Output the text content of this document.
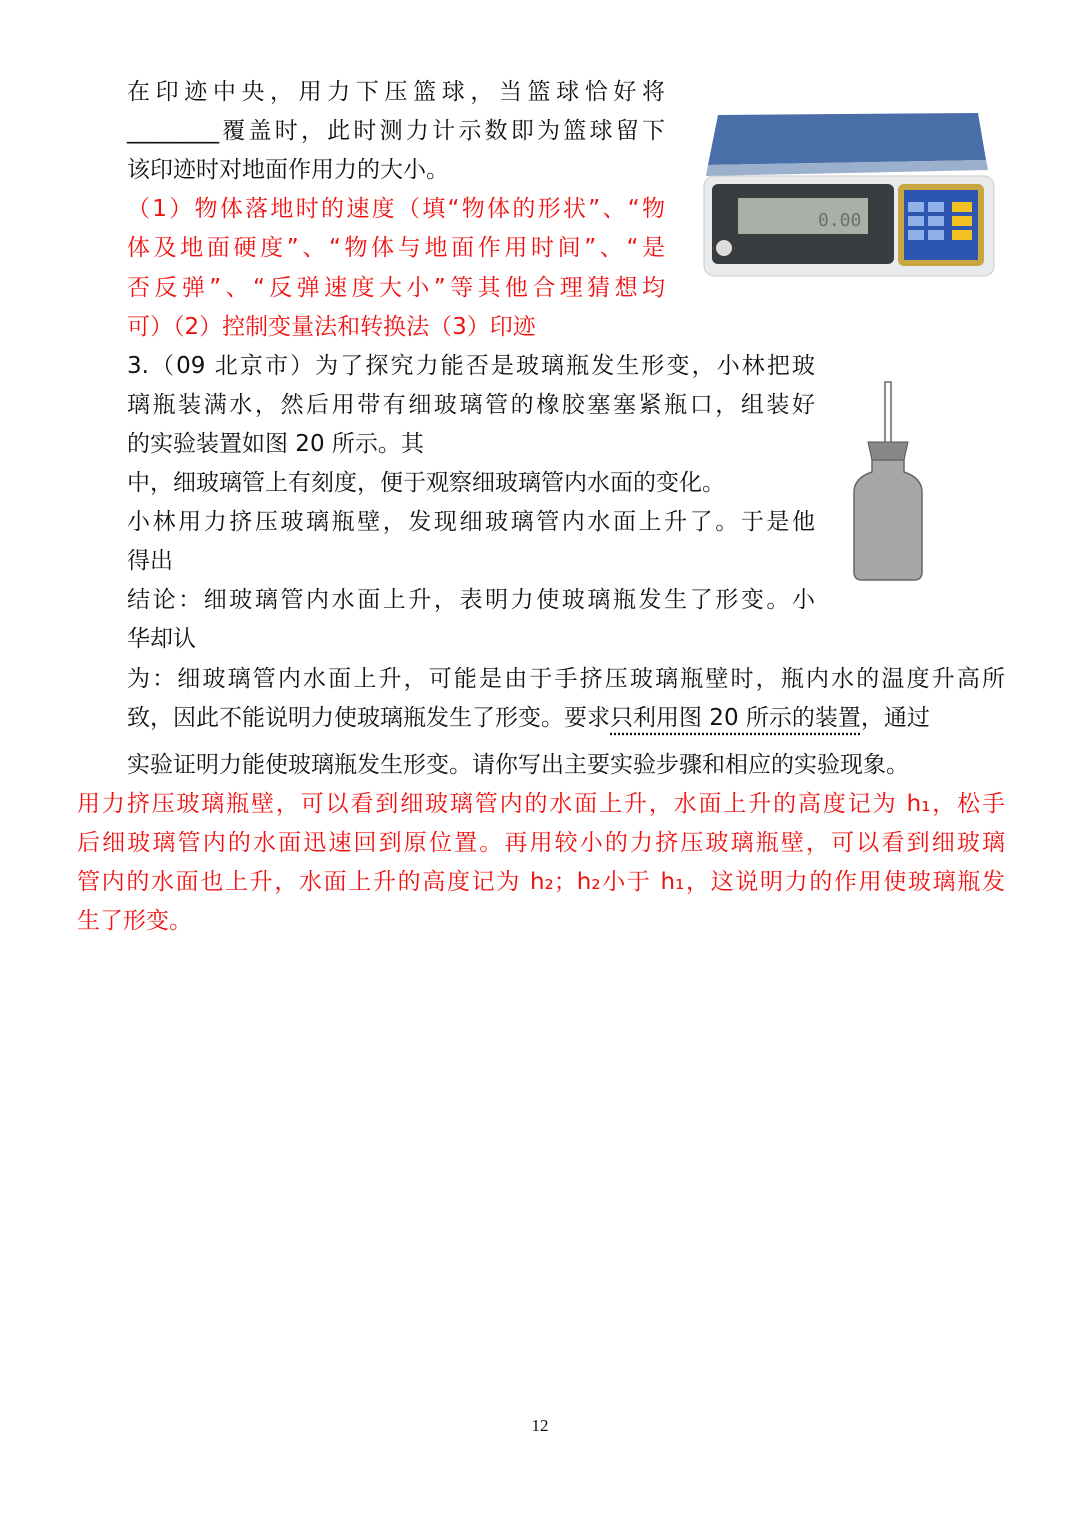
在印迹中央，用力下压篮球，当篮球恰好将
________覆盖时，此时测力计示数即为篮球留下
该印迹时对地面作用力的大小。
（1）物体落地时的速度（填“物体的形状”、“物
体及地面硬度”、“物体与地面作用时间”、“是
否反弹”、“反弹速度大小”等其他合理猜想均
可）（2）控制变量法和转换法（3）印迹
3.（09 北京市）为了探究力能否是玻璃瓶发生形变，小林把玻
璃瓶装满水，然后用带有细玻璃管的橡胶塞塞紧瓶口，组装好
的实验装置如图 20 所示。其
中，细玻璃管上有刻度，便于观察细玻璃管内水面的变化。
小林用力挤压玻璃瓶壁，发现细玻璃管内水面上升了。于是他
得出
结论：细玻璃管内水面上升，表明力使玻璃瓶发生了形变。小
华却认
为：细玻璃管内水面上升，可能是由于手挤压玻璃瓶壁时，瓶内水的温度升高所
致，因此不能说明力使玻璃瓶发生了形变。要求只利用图 20 所示的装置，通过
实验证明力能使玻璃瓶发生形变。请你写出主要实验步骤和相应的实验现象。
用力挤压玻璃瓶壁，可以看到细玻璃管内的水面上升，水面上升的高度记为 h₁，松手
后细玻璃管内的水面迅速回到原位置。再用较小的力挤压玻璃瓶壁，可以看到细玻璃
管内的水面也上升，水面上升的高度记为 h₂；h₂小于 h₁，这说明力的作用使玻璃瓶发
生了形变。
0.00
12
